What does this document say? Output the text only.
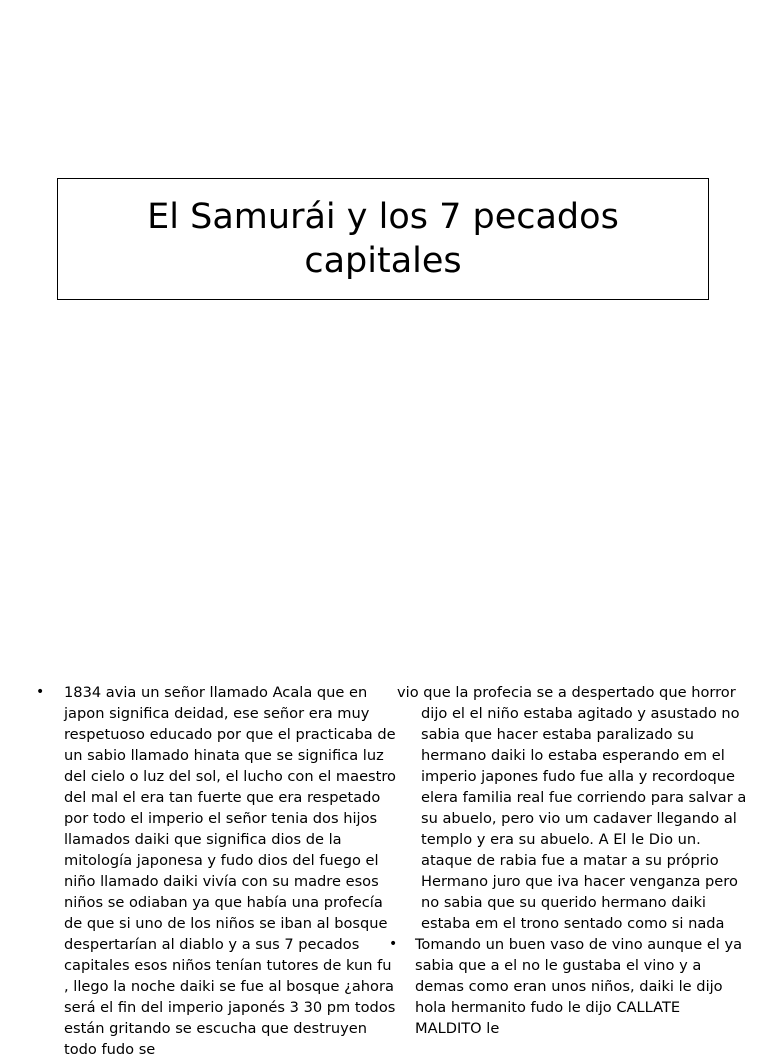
El Samurái y los 7 pecados capitales

• 1834 avia un señor llamado Acala que en japon significa deidad, ese señor era muy respetuoso educado por que el practicaba de un sabio llamado hinata que se significa luz del cielo o luz del sol, el lucho con el maestro del mal el era tan fuerte que era respetado por todo el imperio el señor tenia dos hijos llamados daiki que significa dios de la mitología japonesa y fudo dios del fuego el niño llamado daiki vivía con su madre esos niños se odiaban ya que había una profecía de que si uno de los niños se iban al bosque despertarían al diablo y a sus 7 pecados capitales esos niños tenían tutores de kun fu , llego la noche daiki se fue al bosque ¿ahora será el fin del imperio japonés 3 30 pm todos están gritando se escucha que destruyen todo fudo se

vio que la profecia se a despertado que horror dijo el el niño estaba agitado y asustado no sabia que hacer estaba paralizado su hermano daiki lo estaba esperando em el imperio japones fudo fue alla y recordoque elera familia real fue corriendo para salvar a su abuelo, pero vio um cadaver llegando al templo y era su abuelo. A El le Dio un. ataque de rabia fue a matar a su próprio Hermano juro que iva hacer venganza pero no sabia que su querido hermano daiki estaba em el trono sentado como si nada

• Tomando un buen vaso de vino aunque el ya sabia que a el no le gustaba el vino y a demas como eran unos niños, daiki le dijo hola hermanito fudo le dijo CALLATE MALDITO le
